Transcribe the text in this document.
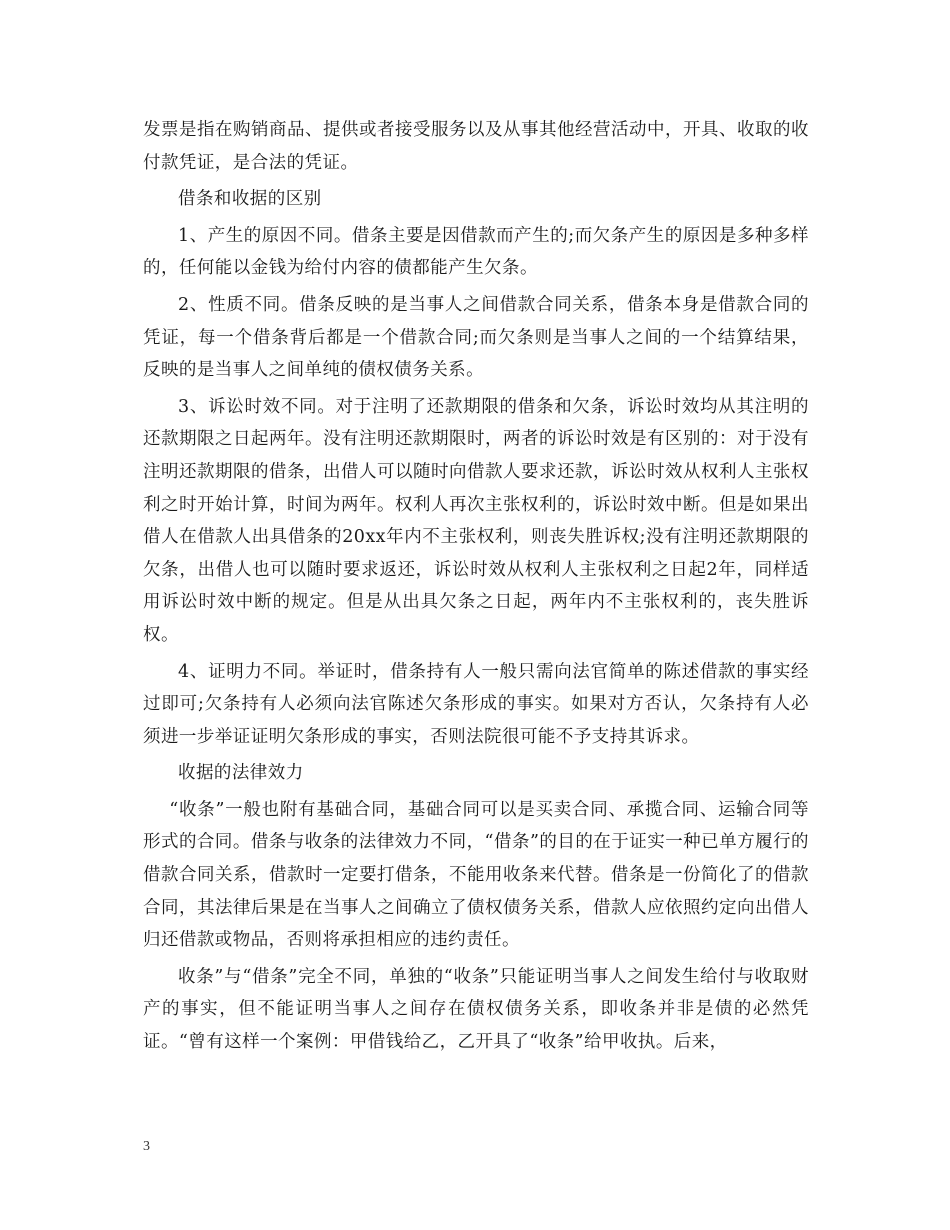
发票是指在购销商品、提供或者接受服务以及从事其他经营活动中，开具、收取的收付款凭证，是合法的凭证。

借条和收据的区别

1、产生的原因不同。借条主要是因借款而产生的;而欠条产生的原因是多种多样的，任何能以金钱为给付内容的债都能产生欠条。

2、性质不同。借条反映的是当事人之间借款合同关系，借条本身是借款合同的凭证，每一个借条背后都是一个借款合同;而欠条则是当事人之间的一个结算结果，反映的是当事人之间单纯的债权债务关系。

3、诉讼时效不同。对于注明了还款期限的借条和欠条，诉讼时效均从其注明的还款期限之日起两年。没有注明还款期限时，两者的诉讼时效是有区别的：对于没有注明还款期限的借条，出借人可以随时向借款人要求还款，诉讼时效从权利人主张权利之时开始计算，时间为两年。权利人再次主张权利的，诉讼时效中断。但是如果出借人在借款人出具借条的20xx年内不主张权利，则丧失胜诉权;没有注明还款期限的欠条，出借人也可以随时要求返还，诉讼时效从权利人主张权利之日起2年，同样适用诉讼时效中断的规定。但是从出具欠条之日起，两年内不主张权利的，丧失胜诉权。

4、证明力不同。举证时，借条持有人一般只需向法官简单的陈述借款的事实经过即可;欠条持有人必须向法官陈述欠条形成的事实。如果对方否认，欠条持有人必须进一步举证证明欠条形成的事实，否则法院很可能不予支持其诉求。

收据的法律效力

“收条”一般也附有基础合同，基础合同可以是买卖合同、承揽合同、运输合同等形式的合同。借条与收条的法律效力不同，“借条”的目的在于证实一种已单方履行的借款合同关系，借款时一定要打借条，不能用收条来代替。借条是一份简化了的借款合同，其法律后果是在当事人之间确立了债权债务关系，借款人应依照约定向出借人归还借款或物品，否则将承担相应的违约责任。

收条”与“借条”完全不同，单独的“收条”只能证明当事人之间发生给付与收取财产的事实，但不能证明当事人之间存在债权债务关系，即收条并非是债的必然凭证。“曾有这样一个案例：甲借钱给乙，乙开具了“收条”给甲收执。后来，

3
